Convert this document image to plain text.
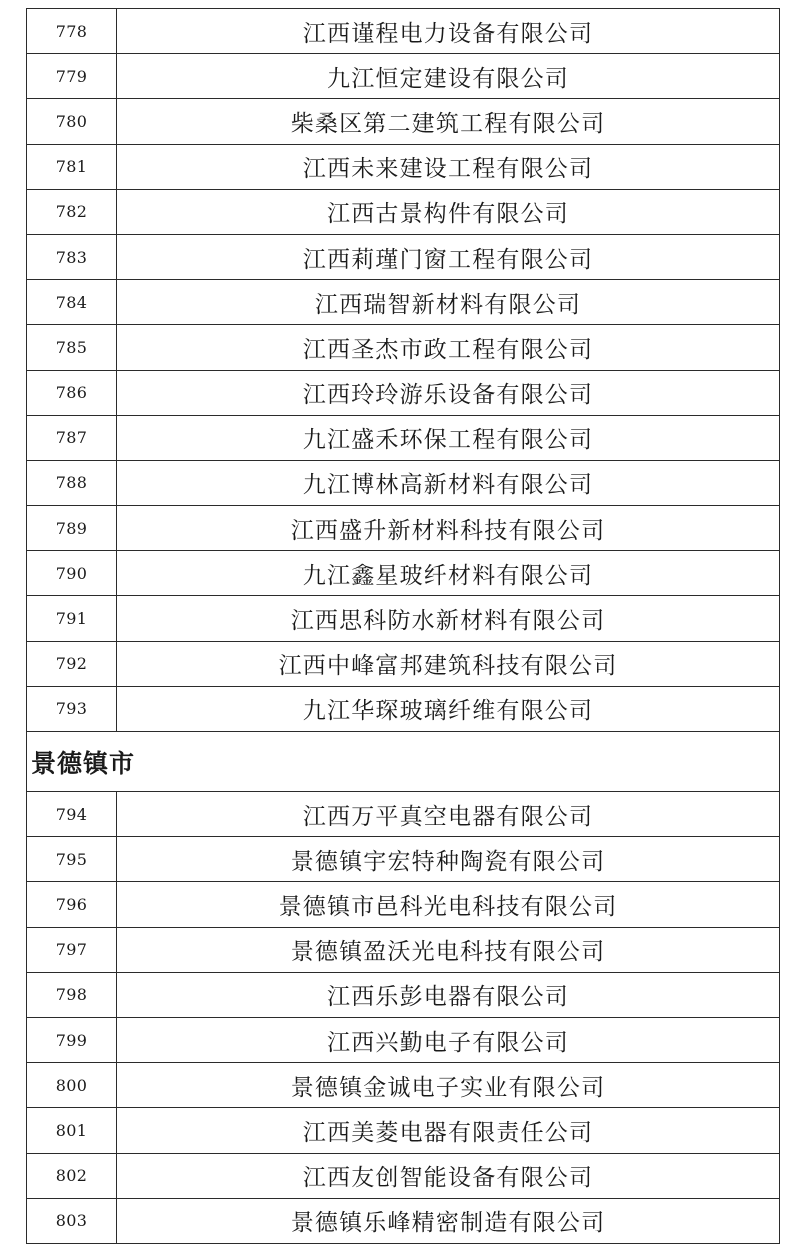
778	江西谨程电力设备有限公司
779	九江恒定建设有限公司
780	柴桑区第二建筑工程有限公司
781	江西未来建设工程有限公司
782	江西古景构件有限公司
783	江西莉瑾门窗工程有限公司
784	江西瑞智新材料有限公司
785	江西圣杰市政工程有限公司
786	江西玲玲游乐设备有限公司
787	九江盛禾环保工程有限公司
788	九江博林高新材料有限公司
789	江西盛升新材料科技有限公司
790	九江鑫星玻纤材料有限公司
791	江西思科防水新材料有限公司
792	江西中峰富邦建筑科技有限公司
793	九江华琛玻璃纤维有限公司
景德镇市	
794	江西万平真空电器有限公司
795	景德镇宇宏特种陶瓷有限公司
796	景德镇市邑科光电科技有限公司
797	景德镇盈沃光电科技有限公司
798	江西乐彭电器有限公司
799	江西兴勤电子有限公司
800	景德镇金诚电子实业有限公司
801	江西美菱电器有限责任公司
802	江西友创智能设备有限公司
803	景德镇乐峰精密制造有限公司
